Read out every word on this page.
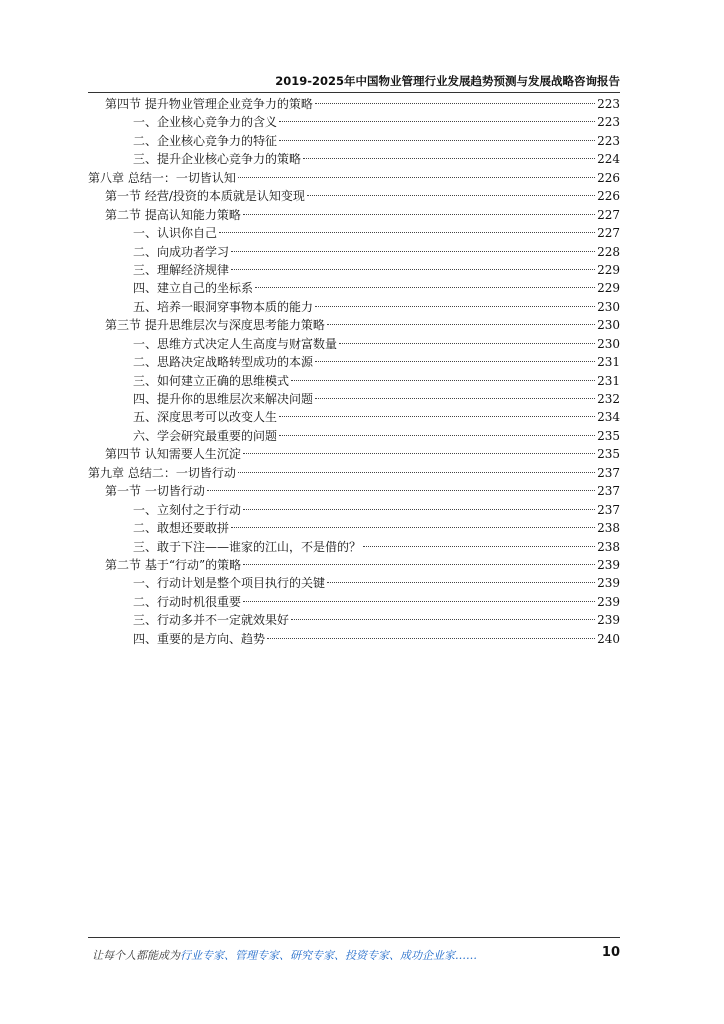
2019-2025年中国物业管理行业发展趋势预测与发展战略咨询报告
第四节 提升物业管理企业竞争力的策略	223
一、企业核心竞争力的含义	223
二、企业核心竞争力的特征	223
三、提升企业核心竞争力的策略	224
第八章 总结一：一切皆认知	226
第一节 经营/投资的本质就是认知变现	226
第二节 提高认知能力策略	227
一、认识你自己	227
二、向成功者学习	228
三、理解经济规律	229
四、建立自己的坐标系	229
五、培养一眼洞穿事物本质的能力	230
第三节 提升思维层次与深度思考能力策略	230
一、思维方式决定人生高度与财富数量	230
二、思路决定战略转型成功的本源	231
三、如何建立正确的思维模式	231
四、提升你的思维层次来解决问题	232
五、深度思考可以改变人生	234
六、学会研究最重要的问题	235
第四节 认知需要人生沉淀	235
第九章 总结二：一切皆行动	237
第一节 一切皆行动	237
一、立刻付之于行动	237
二、敢想还要敢拼	238
三、敢于下注——谁家的江山，不是借的？	238
第二节 基于“行动”的策略	239
一、行动计划是整个项目执行的关键	239
二、行动时机很重要	239
三、行动多并不一定就效果好	239
四、重要的是方向、趋势	240
让每个人都能成为行业专家、管理专家、研究专家、投资专家、成功企业家……	10
